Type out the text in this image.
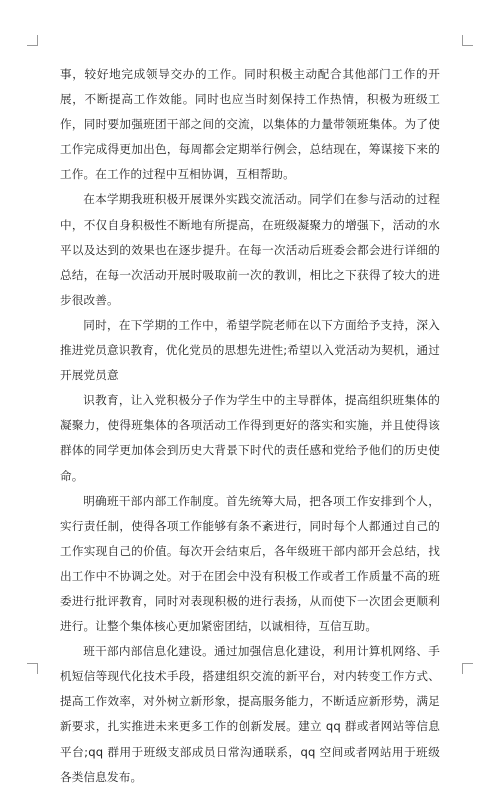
事，较好地完成领导交办的工作。同时积极主动配合其他部门工作的开展，不断提高工作效能。同时也应当时刻保持工作热情，积极为班级工作，同时要加强班团干部之间的交流，以集体的力量带领班集体。为了使工作完成得更加出色，每周都会定期举行例会，总结现在，筹谋接下来的工作。在工作的过程中互相协调，互相帮助。

在本学期我班积极开展课外实践交流活动。同学们在参与活动的过程中，不仅自身积极性不断地有所提高，在班级凝聚力的增强下，活动的水平以及达到的效果也在逐步提升。在每一次活动后班委会都会进行详细的总结，在每一次活动开展时吸取前一次的教训，相比之下获得了较大的进步很改善。

同时，在下学期的工作中，希望学院老师在以下方面给予支持，深入推进党员意识教育，优化党员的思想先进性;希望以入党活动为契机，通过开展党员意

识教育，让入党积极分子作为学生中的主导群体，提高组织班集体的凝聚力，使得班集体的各项活动工作得到更好的落实和实施，并且使得该群体的同学更加体会到历史大背景下时代的责任感和党给予他们的历史使命。

明确班干部内部工作制度。首先统筹大局，把各项工作安排到个人，实行责任制，使得各项工作能够有条不紊进行，同时每个人都通过自己的工作实现自己的价值。每次开会结束后，各年级班干部内部开会总结，找出工作中不协调之处。对于在团会中没有积极工作或者工作质量不高的班委进行批评教育，同时对表现积极的进行表扬，从而使下一次团会更顺利进行。让整个集体核心更加紧密团结，以诚相待，互信互助。

班干部内部信息化建设。通过加强信息化建设，利用计算机网络、手机短信等现代化技术手段，搭建组织交流的新平台，对内转变工作方式、提高工作效率，对外树立新形象，提高服务能力，不断适应新形势，满足新要求，扎实推进未来更多工作的创新发展。建立 qq 群或者网站等信息平台;qq 群用于班级支部成员日常沟通联系，qq 空间或者网站用于班级各类信息发布。
